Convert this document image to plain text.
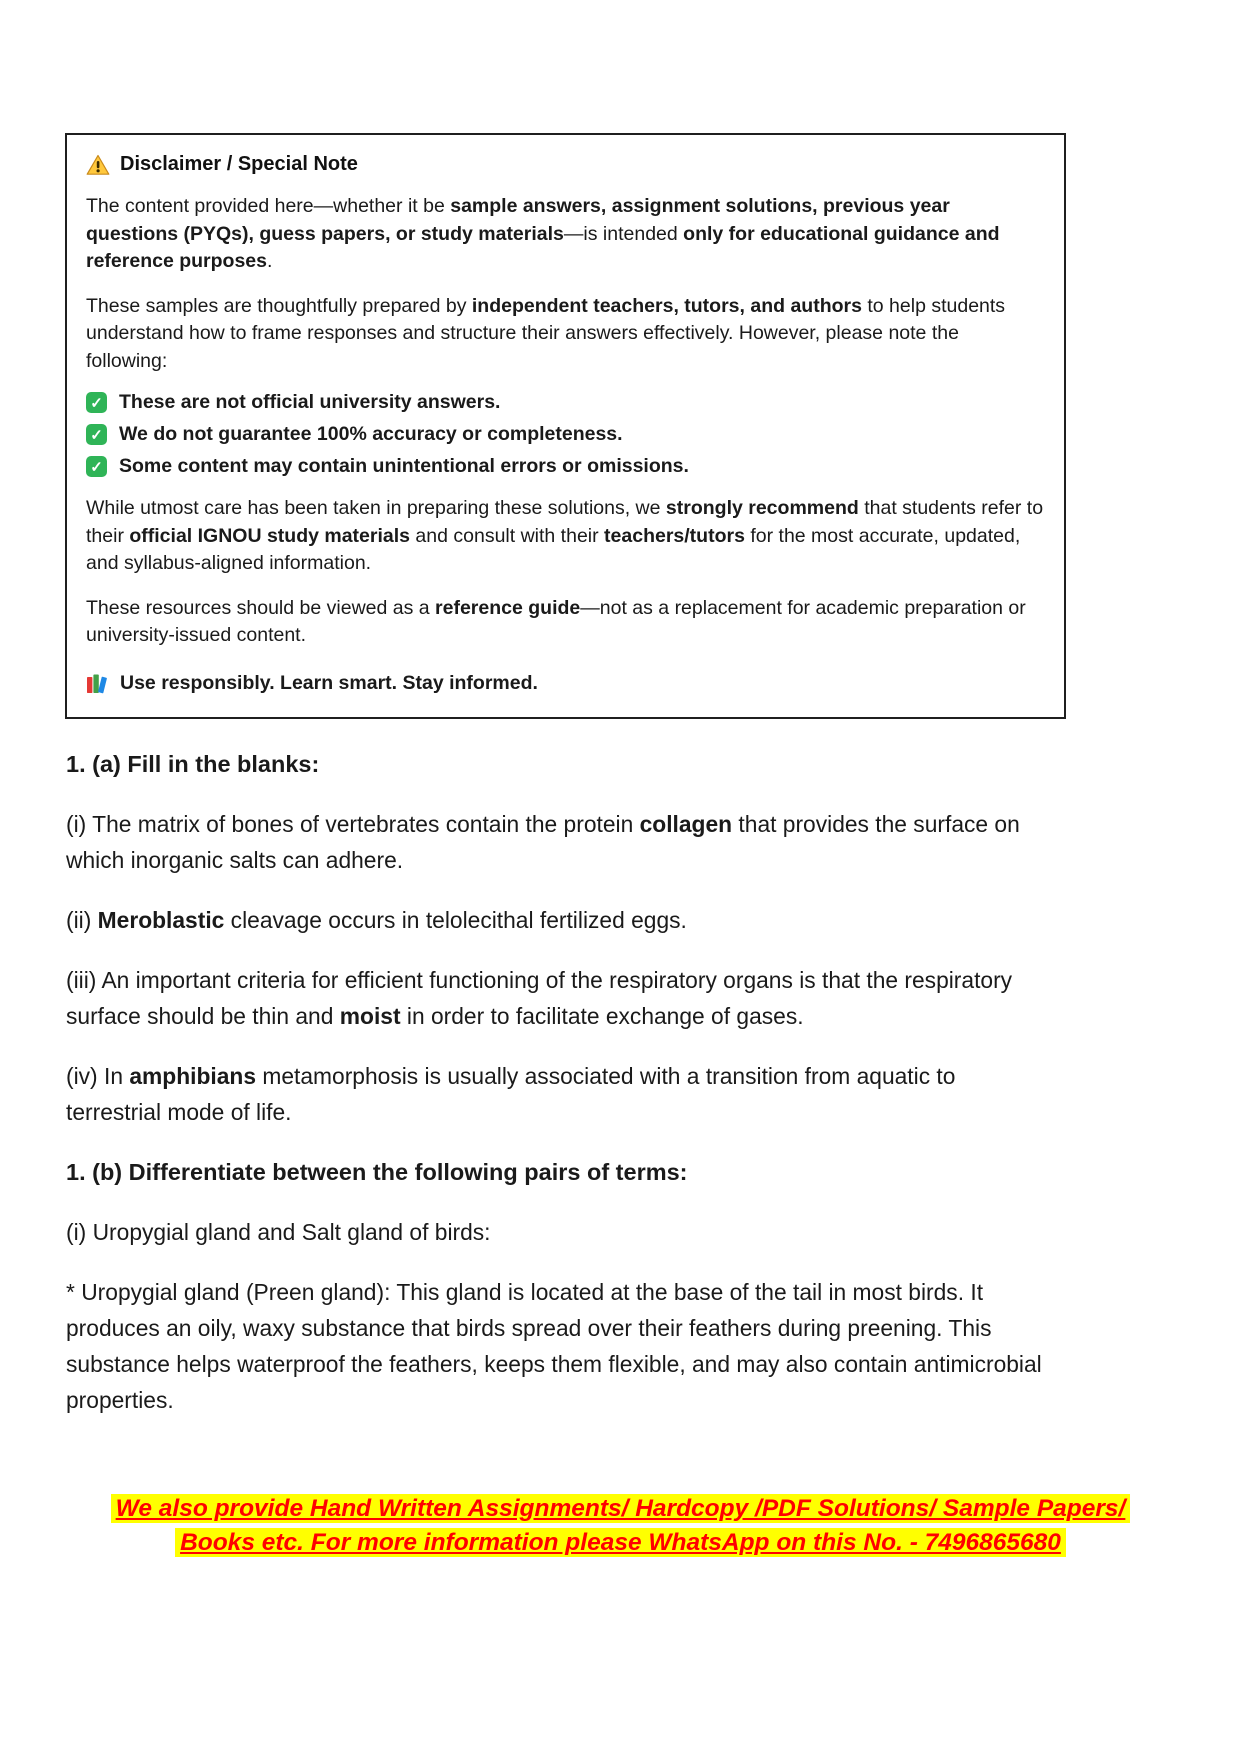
Disclaimer / Special Note

The content provided here—whether it be sample answers, assignment solutions, previous year questions (PYQs), guess papers, or study materials—is intended only for educational guidance and reference purposes.

These samples are thoughtfully prepared by independent teachers, tutors, and authors to help students understand how to frame responses and structure their answers effectively. However, please note the following:

✓ These are not official university answers.
✓ We do not guarantee 100% accuracy or completeness.
✓ Some content may contain unintentional errors or omissions.

While utmost care has been taken in preparing these solutions, we strongly recommend that students refer to their official IGNOU study materials and consult with their teachers/tutors for the most accurate, updated, and syllabus-aligned information.

These resources should be viewed as a reference guide—not as a replacement for academic preparation or university-issued content.

Use responsibly. Learn smart. Stay informed.
1. (a) Fill in the blanks:

(i) The matrix of bones of vertebrates contain the protein collagen that provides the surface on which inorganic salts can adhere.

(ii) Meroblastic cleavage occurs in telolecithal fertilized eggs.

(iii) An important criteria for efficient functioning of the respiratory organs is that the respiratory surface should be thin and moist in order to facilitate exchange of gases.

(iv) In amphibians metamorphosis is usually associated with a transition from aquatic to terrestrial mode of life.

1. (b) Differentiate between the following pairs of terms:

(i) Uropygial gland and Salt gland of birds:

* Uropygial gland (Preen gland): This gland is located at the base of the tail in most birds. It produces an oily, waxy substance that birds spread over their feathers during preening. This substance helps waterproof the feathers, keeps them flexible, and may also contain antimicrobial properties.

We also provide Hand Written Assignments/ Hardcopy /PDF Solutions/ Sample Papers/
Books etc. For more information please WhatsApp on this No. - 7496865680
